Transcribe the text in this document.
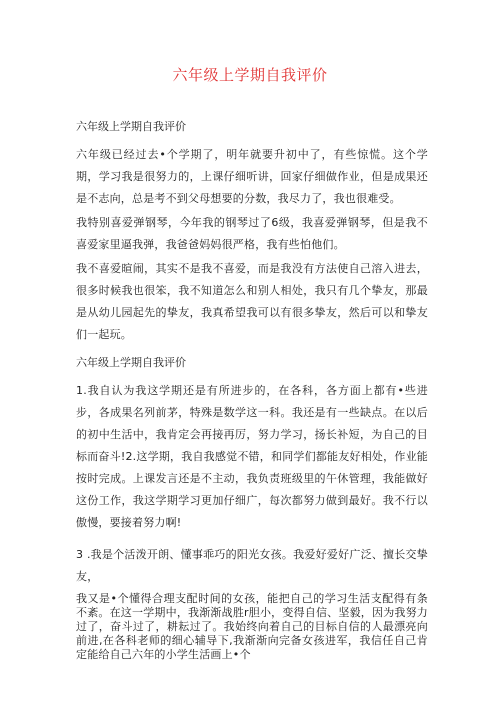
六年级上学期自我评价
六年级上学期自我评价

六年级已经过去•个学期了，明年就要升初中了，有些惊慌。这个学期，学习我是很努力的，上课仔细听讲，回家仔细做作业，但是成果还是不志向，总是考不到父母想要的分数，我尽力了，我也很难受。

我特别喜爱弹钢琴，今年我的钢琴过了6级，我喜爱弹钢琴，但是我不喜爱家里逼我弹，我爸爸妈妈很严格，我有些怕他们。

我不喜爱暄闹，其实不是我不喜爱，而是我没有方法使自己溶入进去，很多时候我也很笨，我不知道怎么和别人相处，我只有几个挚友，那最是从幼儿园起先的挚友，我真希望我可以有很多挚友，然后可以和挚友们一起玩。

六年级上学期自我评价

1.我自认为我这学期还是有所进步的，在各科，各方面上都有•些进步，各成果名列前茅，特殊是数学这一科。我还是有一些缺点。在以后的初中生活中，我肯定会再接再厉，努力学习，扬长补短，为自己的目标而奋斗!2.这学期，我自我感觉不错，和同学们都能友好相处，作业能按时完成。上课发言还是不主动，我负责班级里的午休管理，我能做好这份工作，我这学期学习更加仔细广，每次都努力做到最好。我不行以傲慢，要接着努力啊!

3 .我是个活泼开朗、懂事乖巧的阳光女孩。我爱好爱好广泛、擅长交挚友，

我又是•个懂得合理支配时间的女孩，能把自己的学习生活支配得有条不紊。在这一学期中，我渐渐战胜r胆小，变得自信、坚毅，因为我努力过了，奋斗过了，耕耘过了。我始终向着自己的目标自信的人最漂亮向前进,在各科老师的细心辅导下,我渐渐向完备女孩进军，我信任自己肯定能给自己六年的小学生活画上•个
